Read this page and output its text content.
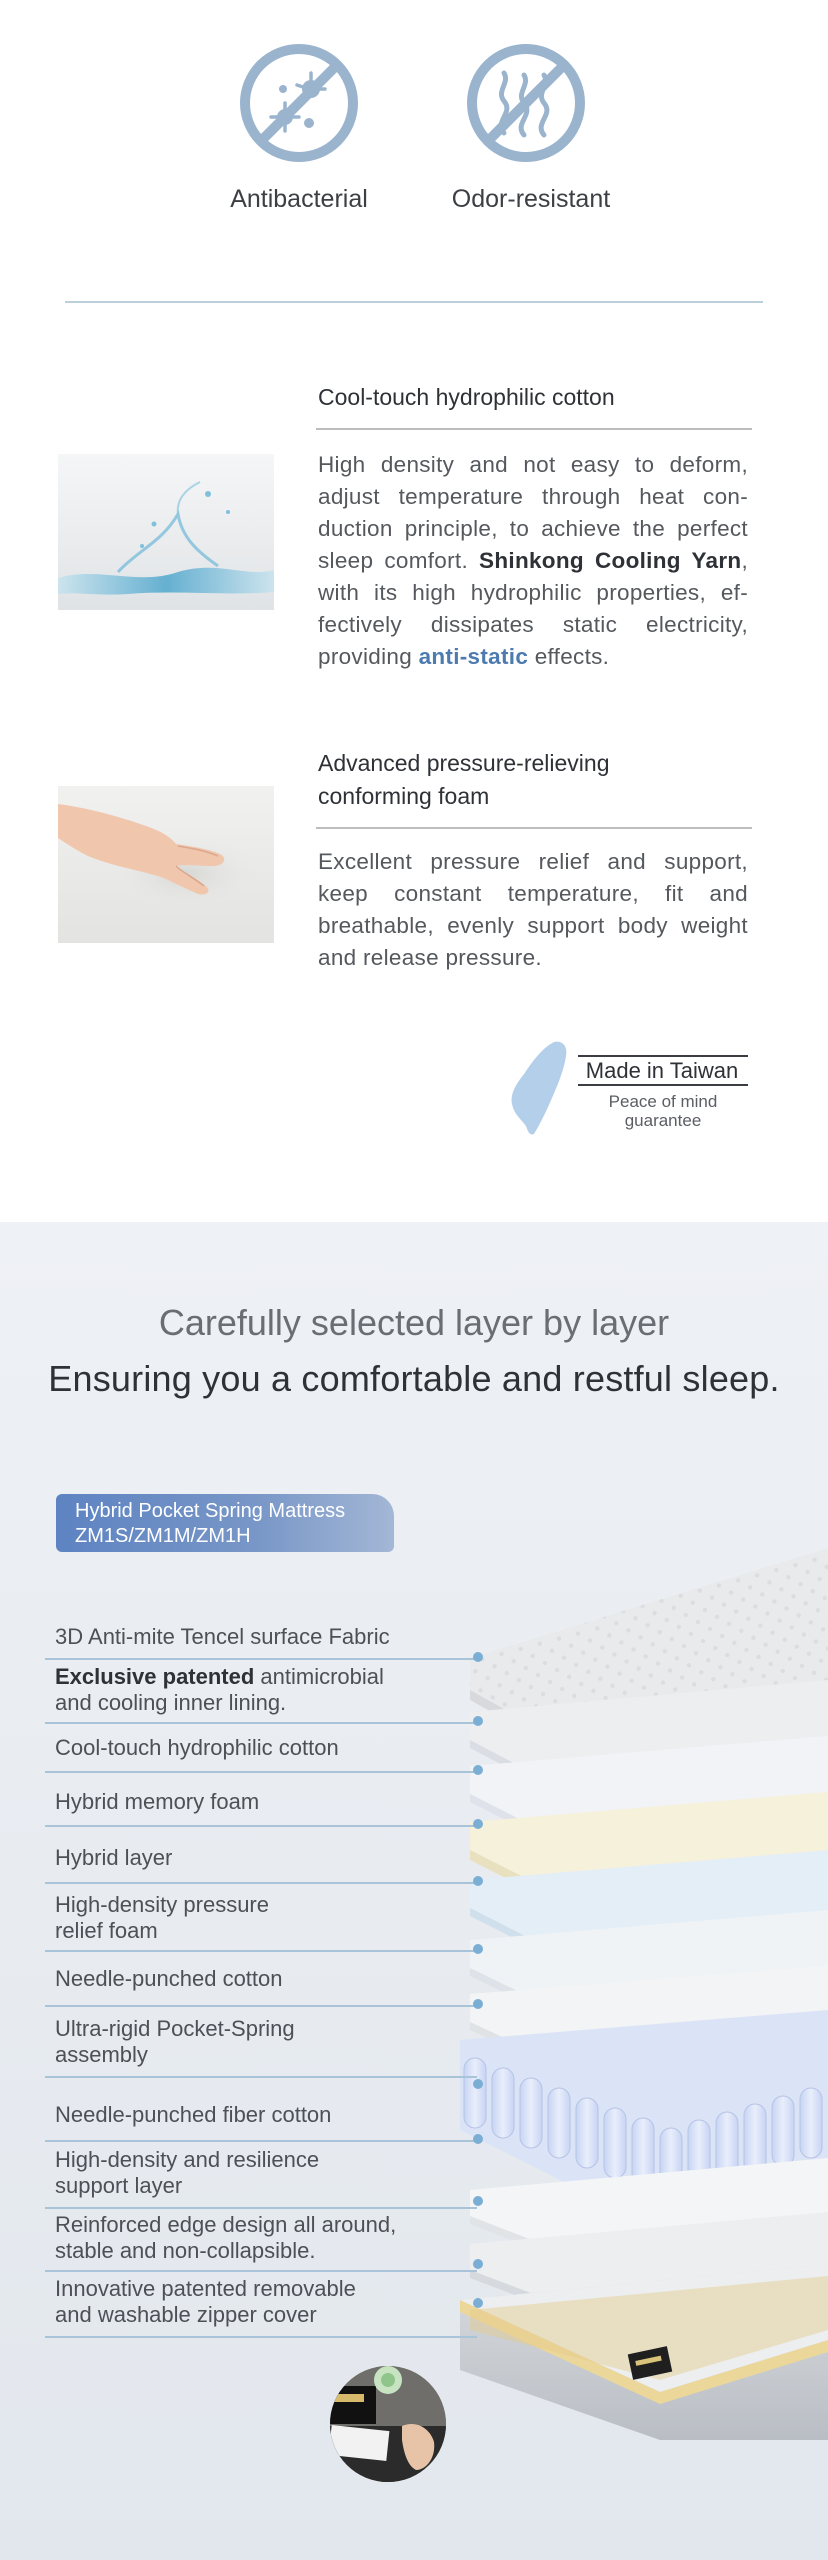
Antibacterial	Odor-resistant
Cool-touch hydrophilic cotton
High density and not easy to deform, adjust temperature through heat con-duction principle, to achieve the perfect sleep comfort. Shinkong Cooling Yarn, with its high hydrophilic properties, ef-fectively dissipates static electricity, providing anti-static effects.
Advanced pressure-relieving
conforming foam
Excellent pressure relief and support, keep constant temperature, fit and breathable, evenly support body weight and release pressure.
Made in Taiwan
Peace of mind
guarantee
Carefully selected layer by layer
Ensuring you a comfortable and restful sleep.
Hybrid Pocket Spring Mattress
ZM1S/ZM1M/ZM1H
3D Anti-mite Tencel surface Fabric
Exclusive patented antimicrobial
and cooling inner lining.
Cool-touch hydrophilic cotton
Hybrid memory foam
Hybrid layer
High-density pressure
relief foam
Needle-punched cotton
Ultra-rigid Pocket-Spring
assembly
Needle-punched fiber cotton
High-density and resilience
support layer
Reinforced edge design all around,
stable and non-collapsible.
Innovative patented removable
and washable zipper cover
